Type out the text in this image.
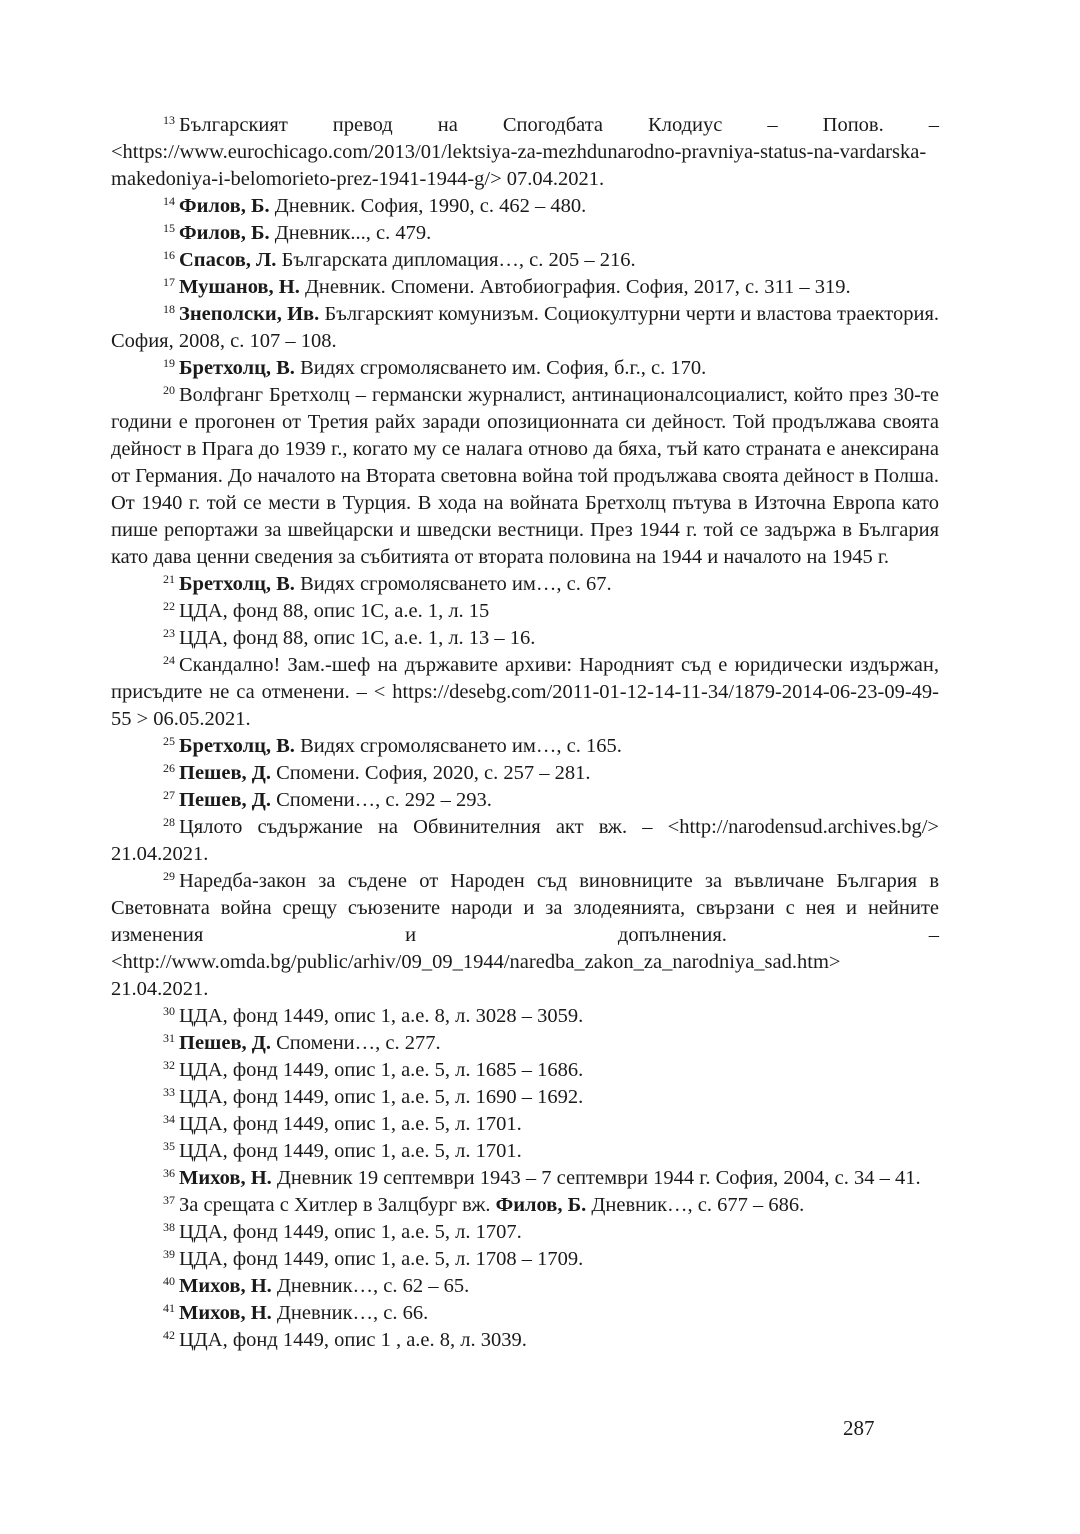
$^{13}$ Българският превод на Спогодбата Клодиус – Попов. – <https://www.eurochicago.com/2013/01/lektsiya-za-mezhdunarodno-pravniya-status-na-vardarska-makedoniya-i-belomorieto-prez-1941-1944-g/> 07.04.2021.

$^{14}$ Филов, Б. Дневник. София, 1990, с. 462 – 480.

$^{15}$ Филов, Б. Дневник..., с. 479.

$^{16}$ Спасов, Л. Българската дипломация…, с. 205 – 216.

$^{17}$ Мушанов, Н. Дневник. Спомени. Автобиография. София, 2017, с. 311 – 319.

$^{18}$ Знеполски, Ив. Българският комунизъм. Социокултурни черти и властова траектория. София, 2008, с. 107 – 108.

$^{19}$ Бретхолц, В. Видях сгромолясването им. София, б.г., с. 170.

$^{20}$ Волфганг Бретхолц – германски журналист, антинационалсоциалист, който през 30-те години е прогонен от Третия райх заради опозиционната си дейност. Той продължава своята дейност в Прага до 1939 г., когато му се налага отново да бяха, тъй като страната е анексирана от Германия. До началото на Втората световна война той продължава своята дейност в Полша. От 1940 г. той се мести в Турция. В хода на войната Бретхолц пътува в Източна Европа като пише репортажи за швейцарски и шведски вестници. През 1944 г. той се задържа в България като дава ценни сведения за събитията от втората половина на 1944 и началото на 1945 г.

$^{21}$ Бретхолц, В. Видях сгромолясването им…, с. 67.

$^{22}$ ЦДА, фонд 88, опис 1С, а.е. 1, л. 15

$^{23}$ ЦДА, фонд 88, опис 1С, а.е. 1, л. 13 – 16.

$^{24}$ Скандално! Зам.-шеф на държавите архиви: Народният съд е юридически издържан, присъдите не са отменени. – < https://desebg.com/2011-01-12-14-11-34/1879-2014-06-23-09-49-55 > 06.05.2021.

$^{25}$ Бретхолц, В. Видях сгромолясването им…, с. 165.

$^{26}$ Пешев, Д. Спомени. София, 2020, с. 257 – 281.

$^{27}$ Пешев, Д. Спомени…, с. 292 – 293.

$^{28}$ Цялото съдържание на Обвинителния акт вж. – <http://narodensud.archives.bg/> 21.04.2021.

$^{29}$ Наредба-закон за съдене от Народен съд виновниците за въвличане България в Световната война срещу съюзените народи и за злодеянията, свързани с нея и нейните изменения и допълнения. – <http://www.omda.bg/public/arhiv/09_09_1944/naredba_zakon_za_narodniya_sad.htm> 21.04.2021.

$^{30}$ ЦДА, фонд 1449, опис 1, а.е. 8, л. 3028 – 3059.

$^{31}$ Пешев, Д. Спомени…, с. 277.

$^{32}$ ЦДА, фонд 1449, опис 1, а.е. 5, л. 1685 – 1686.

$^{33}$ ЦДА, фонд 1449, опис 1, а.е. 5, л. 1690 – 1692.

$^{34}$ ЦДА, фонд 1449, опис 1, а.е. 5, л. 1701.

$^{35}$ ЦДА, фонд 1449, опис 1, а.е. 5, л. 1701.

$^{36}$ Михов, Н. Дневник 19 септември 1943 – 7 септември 1944 г. София, 2004, с. 34 – 41.

$^{37}$ За срещата с Хитлер в Залцбург вж. Филов, Б. Дневник…, с. 677 – 686.

$^{38}$ ЦДА, фонд 1449, опис 1, а.е. 5, л. 1707.

$^{39}$ ЦДА, фонд 1449, опис 1, а.е. 5, л. 1708 – 1709.

$^{40}$ Михов, Н. Дневник…, с. 62 – 65.

$^{41}$ Михов, Н. Дневник…, с. 66.

$^{42}$ ЦДА, фонд 1449, опис 1 , а.е. 8, л. 3039.

287
